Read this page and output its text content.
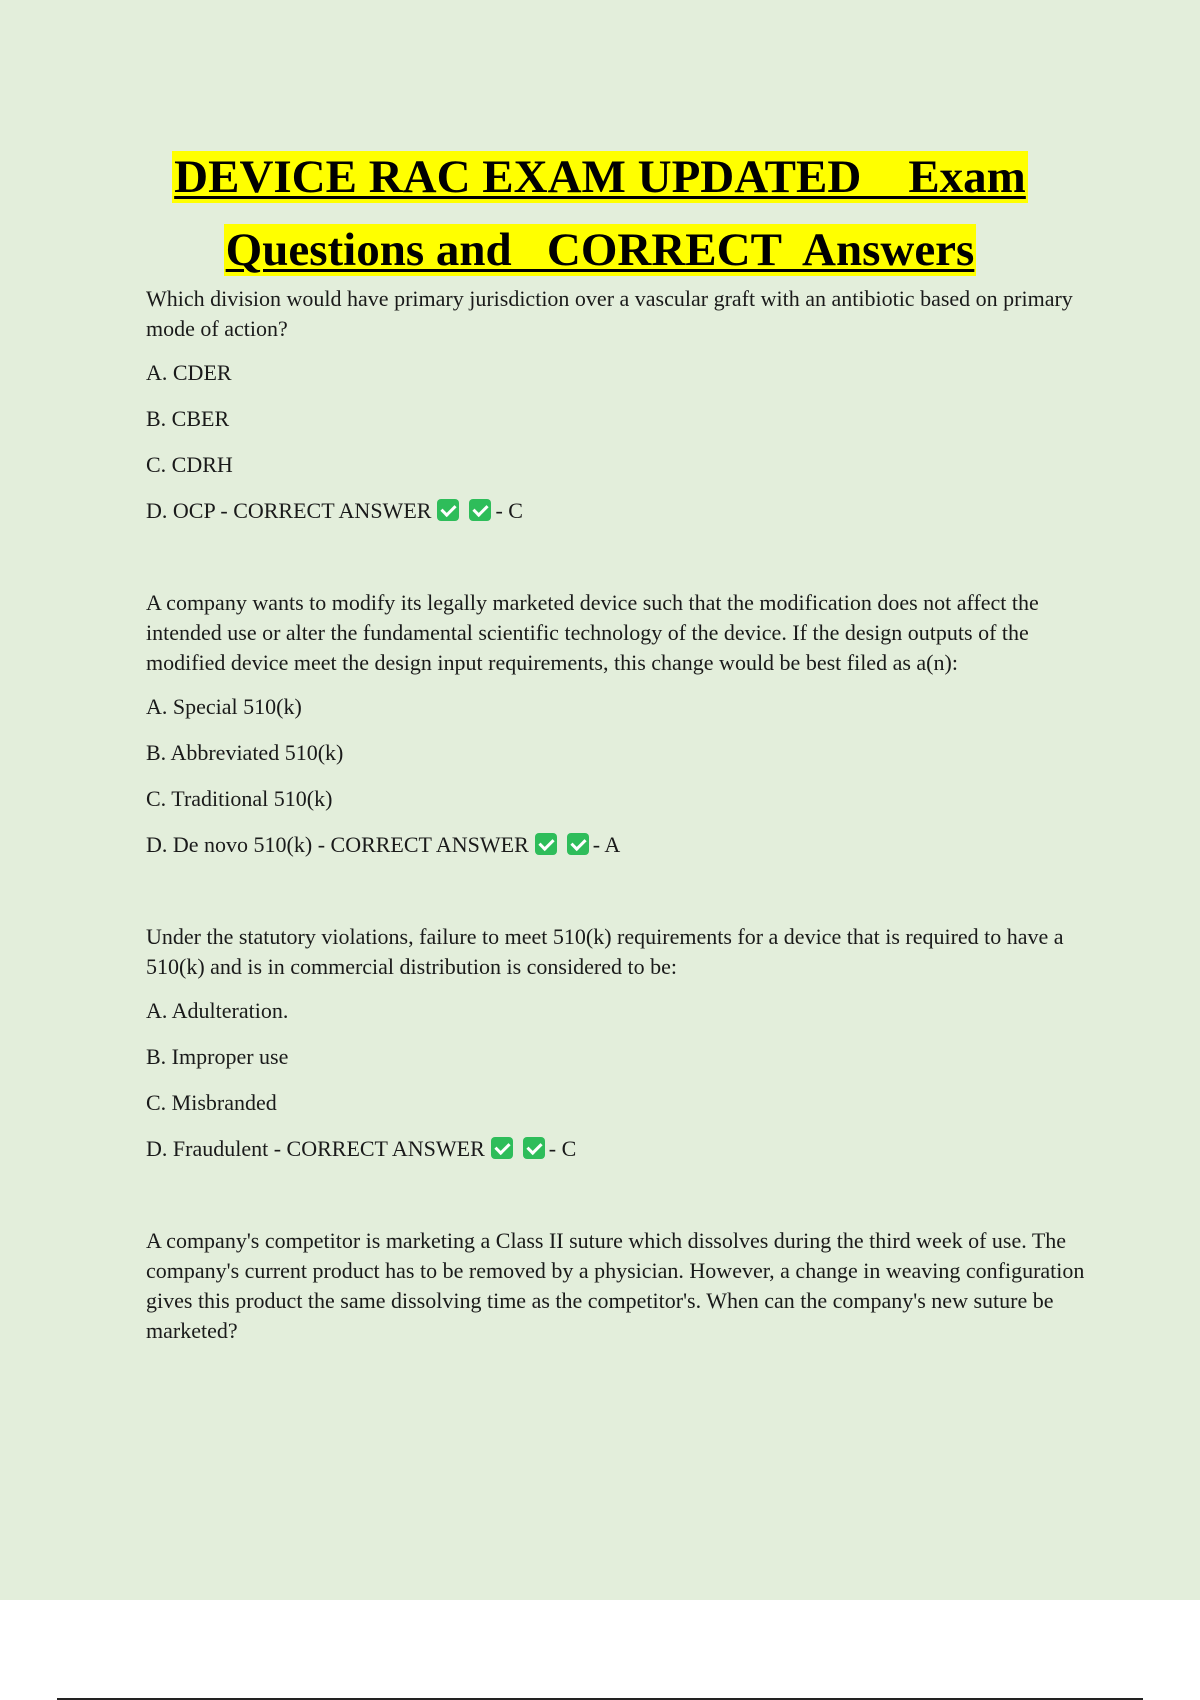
DEVICE RAC EXAM UPDATED    Exam
Questions and   CORRECT  Answers

Which division would have primary jurisdiction over a vascular graft with an antibiotic based on primary mode of action?

A. CDER
B. CBER
C. CDRH
D. OCP - CORRECT ANSWER	- C

A company wants to modify its legally marketed device such that the modification does not affect the intended use or alter the fundamental scientific technology of the device. If the design outputs of the modified device meet the design input requirements, this change would be best filed as a(n):

A. Special 510(k)
B. Abbreviated 510(k)
C. Traditional 510(k)
D. De novo 510(k) - CORRECT ANSWER	- A

Under the statutory violations, failure to meet 510(k) requirements for a device that is required to have a 510(k) and is in commercial distribution is considered to be:

A. Adulteration.
B. Improper use
C. Misbranded
D. Fraudulent - CORRECT ANSWER	- C

A company's competitor is marketing a Class II suture which dissolves during the third week of use. The company's current product has to be removed by a physician. However, a change in weaving configuration gives this product the same dissolving time as the competitor's. When can the company's new suture be marketed?
